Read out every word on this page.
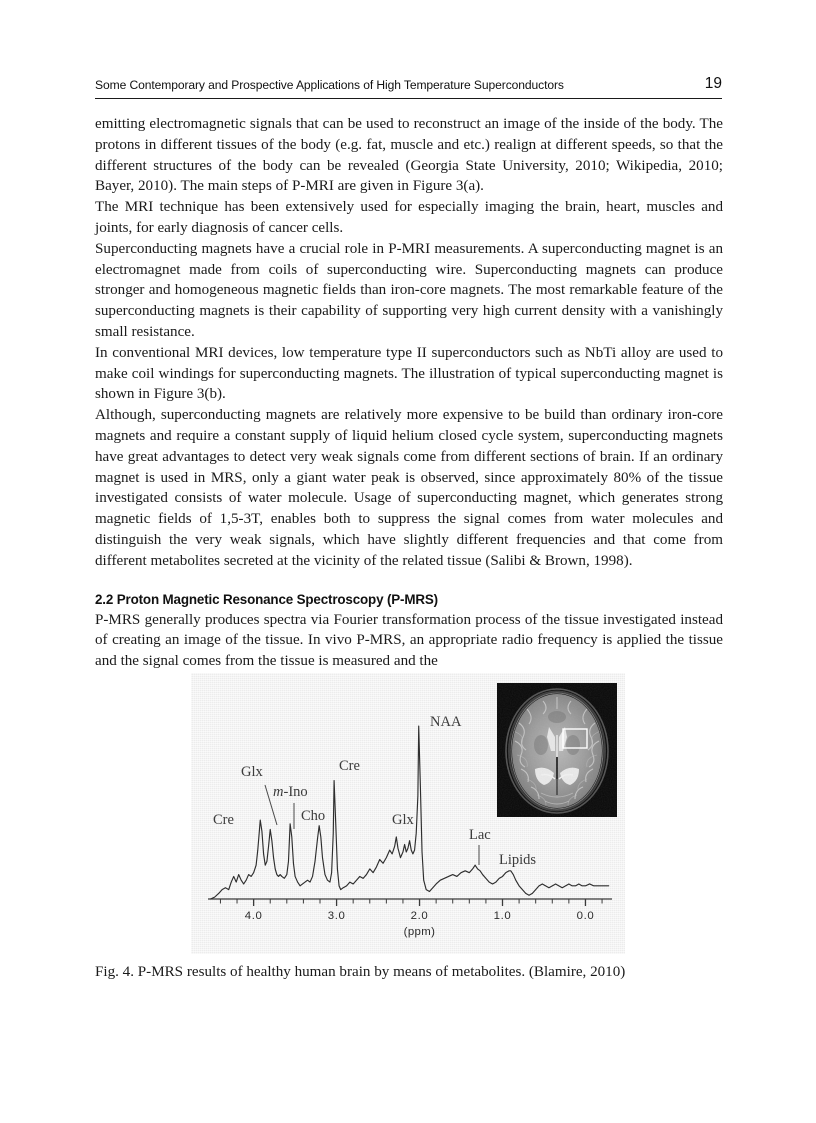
Some Contemporary and Prospective Applications of High Temperature Superconductors	19

emitting electromagnetic signals that can be used to reconstruct an image of the inside of the body. The protons in different tissues of the body (e.g. fat, muscle and etc.) realign at different speeds, so that the different structures of the body can be revealed (Georgia State University, 2010; Wikipedia, 2010; Bayer, 2010). The main steps of P-MRI are given in Figure 3(a).

The MRI technique has been extensively used for especially imaging the brain, heart, muscles and joints, for early diagnosis of cancer cells.

Superconducting magnets have a crucial role in P-MRI measurements. A superconducting magnet is an electromagnet made from coils of superconducting wire. Superconducting magnets can produce stronger and homogeneous magnetic fields than iron-core magnets. The most remarkable feature of the superconducting magnets is their capability of supporting very high current density with a vanishingly small resistance.

In conventional MRI devices, low temperature type II superconductors such as NbTi alloy are used to make coil windings for superconducting magnets. The illustration of typical superconducting magnet is shown in Figure 3(b).

Although, superconducting magnets are relatively more expensive to be build than ordinary iron-core magnets and require a constant supply of liquid helium closed cycle system, superconducting magnets have great advantages to detect very weak signals come from different sections of brain. If an ordinary magnet is used in MRS, only a giant water peak is observed, since approximately 80% of the tissue investigated consists of water molecule. Usage of superconducting magnet, which generates strong magnetic fields of 1,5-3T, enables both to suppress the signal comes from water molecules and distinguish the very weak signals, which have slightly different frequencies and that come from different metabolites secreted at the vicinity of the related tissue (Salibi & Brown, 1998).

2.2 Proton Magnetic Resonance Spectroscopy (P-MRS)

P-MRS generally produces spectra via Fourier transformation process of the tissue investigated instead of creating an image of the tissue. In vivo P-MRS, an appropriate radio frequency is applied the tissue and the signal comes from the tissue is measured and the

Cre
Glx
m-Ino
Cho
Cre
Glx
NAA
Lac
Lipids
4.0	3.0	2.0	1.0	0.0
(ppm)
Fig. 4. P-MRS results of healthy human brain by means of metabolites. (Blamire, 2010)
